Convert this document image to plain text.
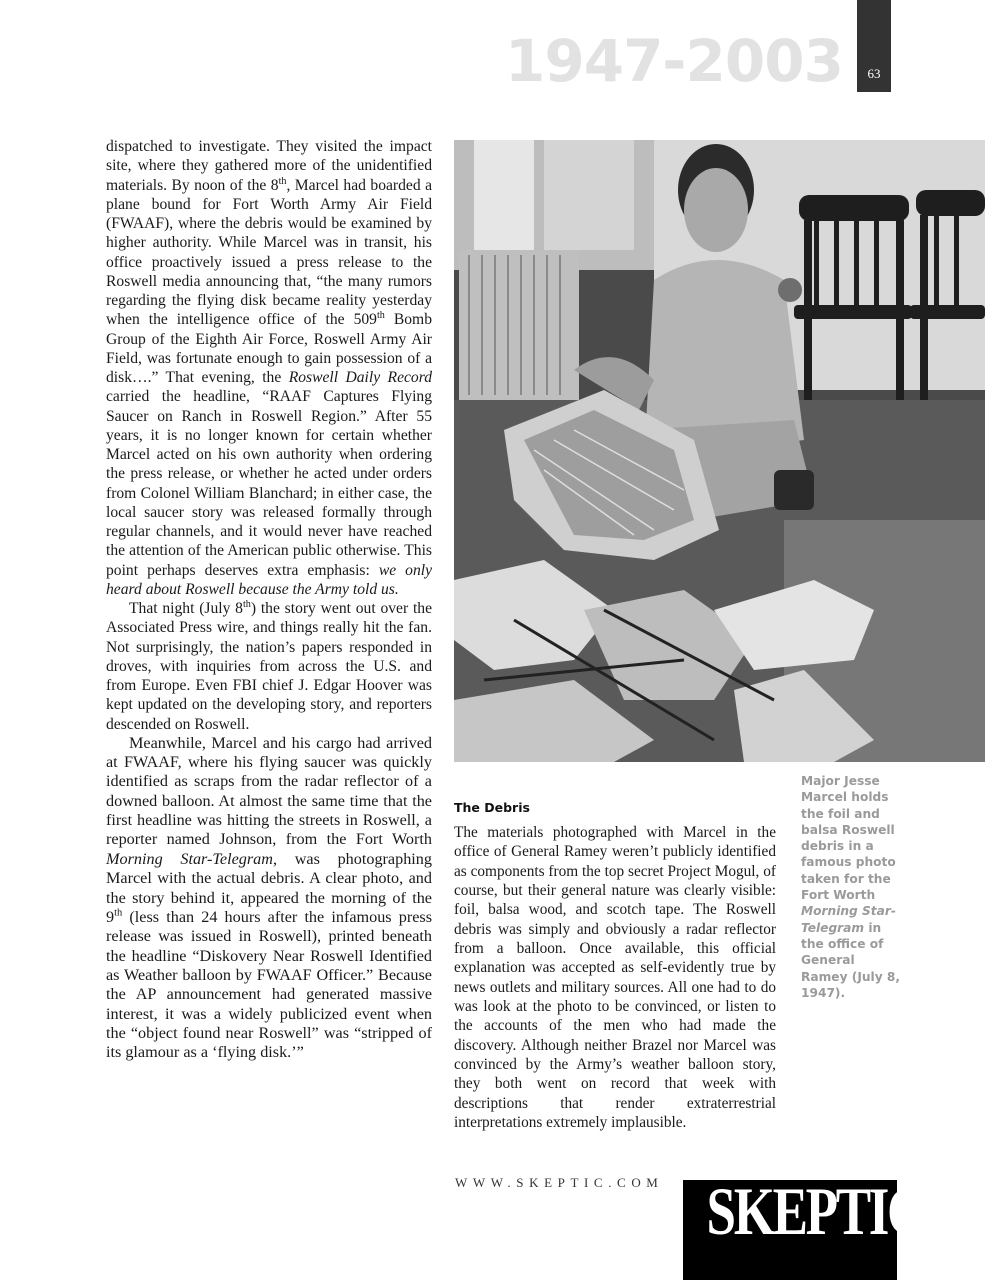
1947-2003	63

dispatched to investigate. They visited the impact site, where they gathered more of the unidentified materials. By noon of the 8th, Marcel had boarded a plane bound for Fort Worth Army Air Field (FWAAF), where the debris would be examined by higher authority. While Marcel was in transit, his office proactively issued a press release to the Roswell media announcing that, “the many rumors regarding the flying disk became reality yesterday when the intelligence office of the 509th Bomb Group of the Eighth Air Force, Roswell Army Air Field, was fortunate enough to gain possession of a disk….” That evening, the Roswell Daily Record carried the headline, “RAAF Captures Flying Saucer on Ranch in Roswell Region.” After 55 years, it is no longer known for certain whether Marcel acted on his own authority when ordering the press release, or whether he acted under orders from Colonel William Blanchard; in either case, the local saucer story was released formally through regular channels, and it would never have reached the attention of the American public otherwise. This point perhaps deserves extra emphasis: we only heard about Roswell because the Army told us.

That night (July 8th) the story went out over the Associated Press wire, and things really hit the fan. Not surprisingly, the nation’s papers responded in droves, with inquiries from across the U.S. and from Europe. Even FBI chief J. Edgar Hoover was kept updated on the developing story, and reporters descended on Roswell.

Meanwhile, Marcel and his cargo had arrived at FWAAF, where his flying saucer was quickly identified as scraps from the radar reflector of a downed balloon. At almost the same time that the first headline was hitting the streets in Roswell, a reporter named Johnson, from the Fort Worth Morning Star-Telegram, was photographing Marcel with the actual debris. A clear photo, and the story behind it, appeared the morning of the 9th (less than 24 hours after the infamous press release was issued in Roswell), printed beneath the headline “Diskovery Near Roswell Identified as Weather balloon by FWAAF Officer.” Because the AP announcement had generated massive interest, it was a widely publicized event when the “object found near Roswell” was “stripped of its glamour as a ‘flying disk.’”

Major Jesse Marcel holds the foil and balsa Roswell debris in a famous photo taken for the Fort Worth Morning Star-Telegram in the office of General Ramey (July 8, 1947).
The Debris

The materials photographed with Marcel in the office of General Ramey weren’t publicly identified as components from the top secret Project Mogul, of course, but their general nature was clearly visible: foil, balsa wood, and scotch tape. The Roswell debris was simply and obviously a radar reflector from a balloon. Once available, this official explanation was accepted as self-evidently true by news outlets and military sources. All one had to do was look at the photo to be convinced, or listen to the accounts of the men who had made the discovery. Although neither Brazel nor Marcel was convinced by the Army’s weather balloon story, they both went on record that week with descriptions that render extraterrestrial interpretations extremely implausible.

WWW.SKEPTIC.COM SKEPTIC
